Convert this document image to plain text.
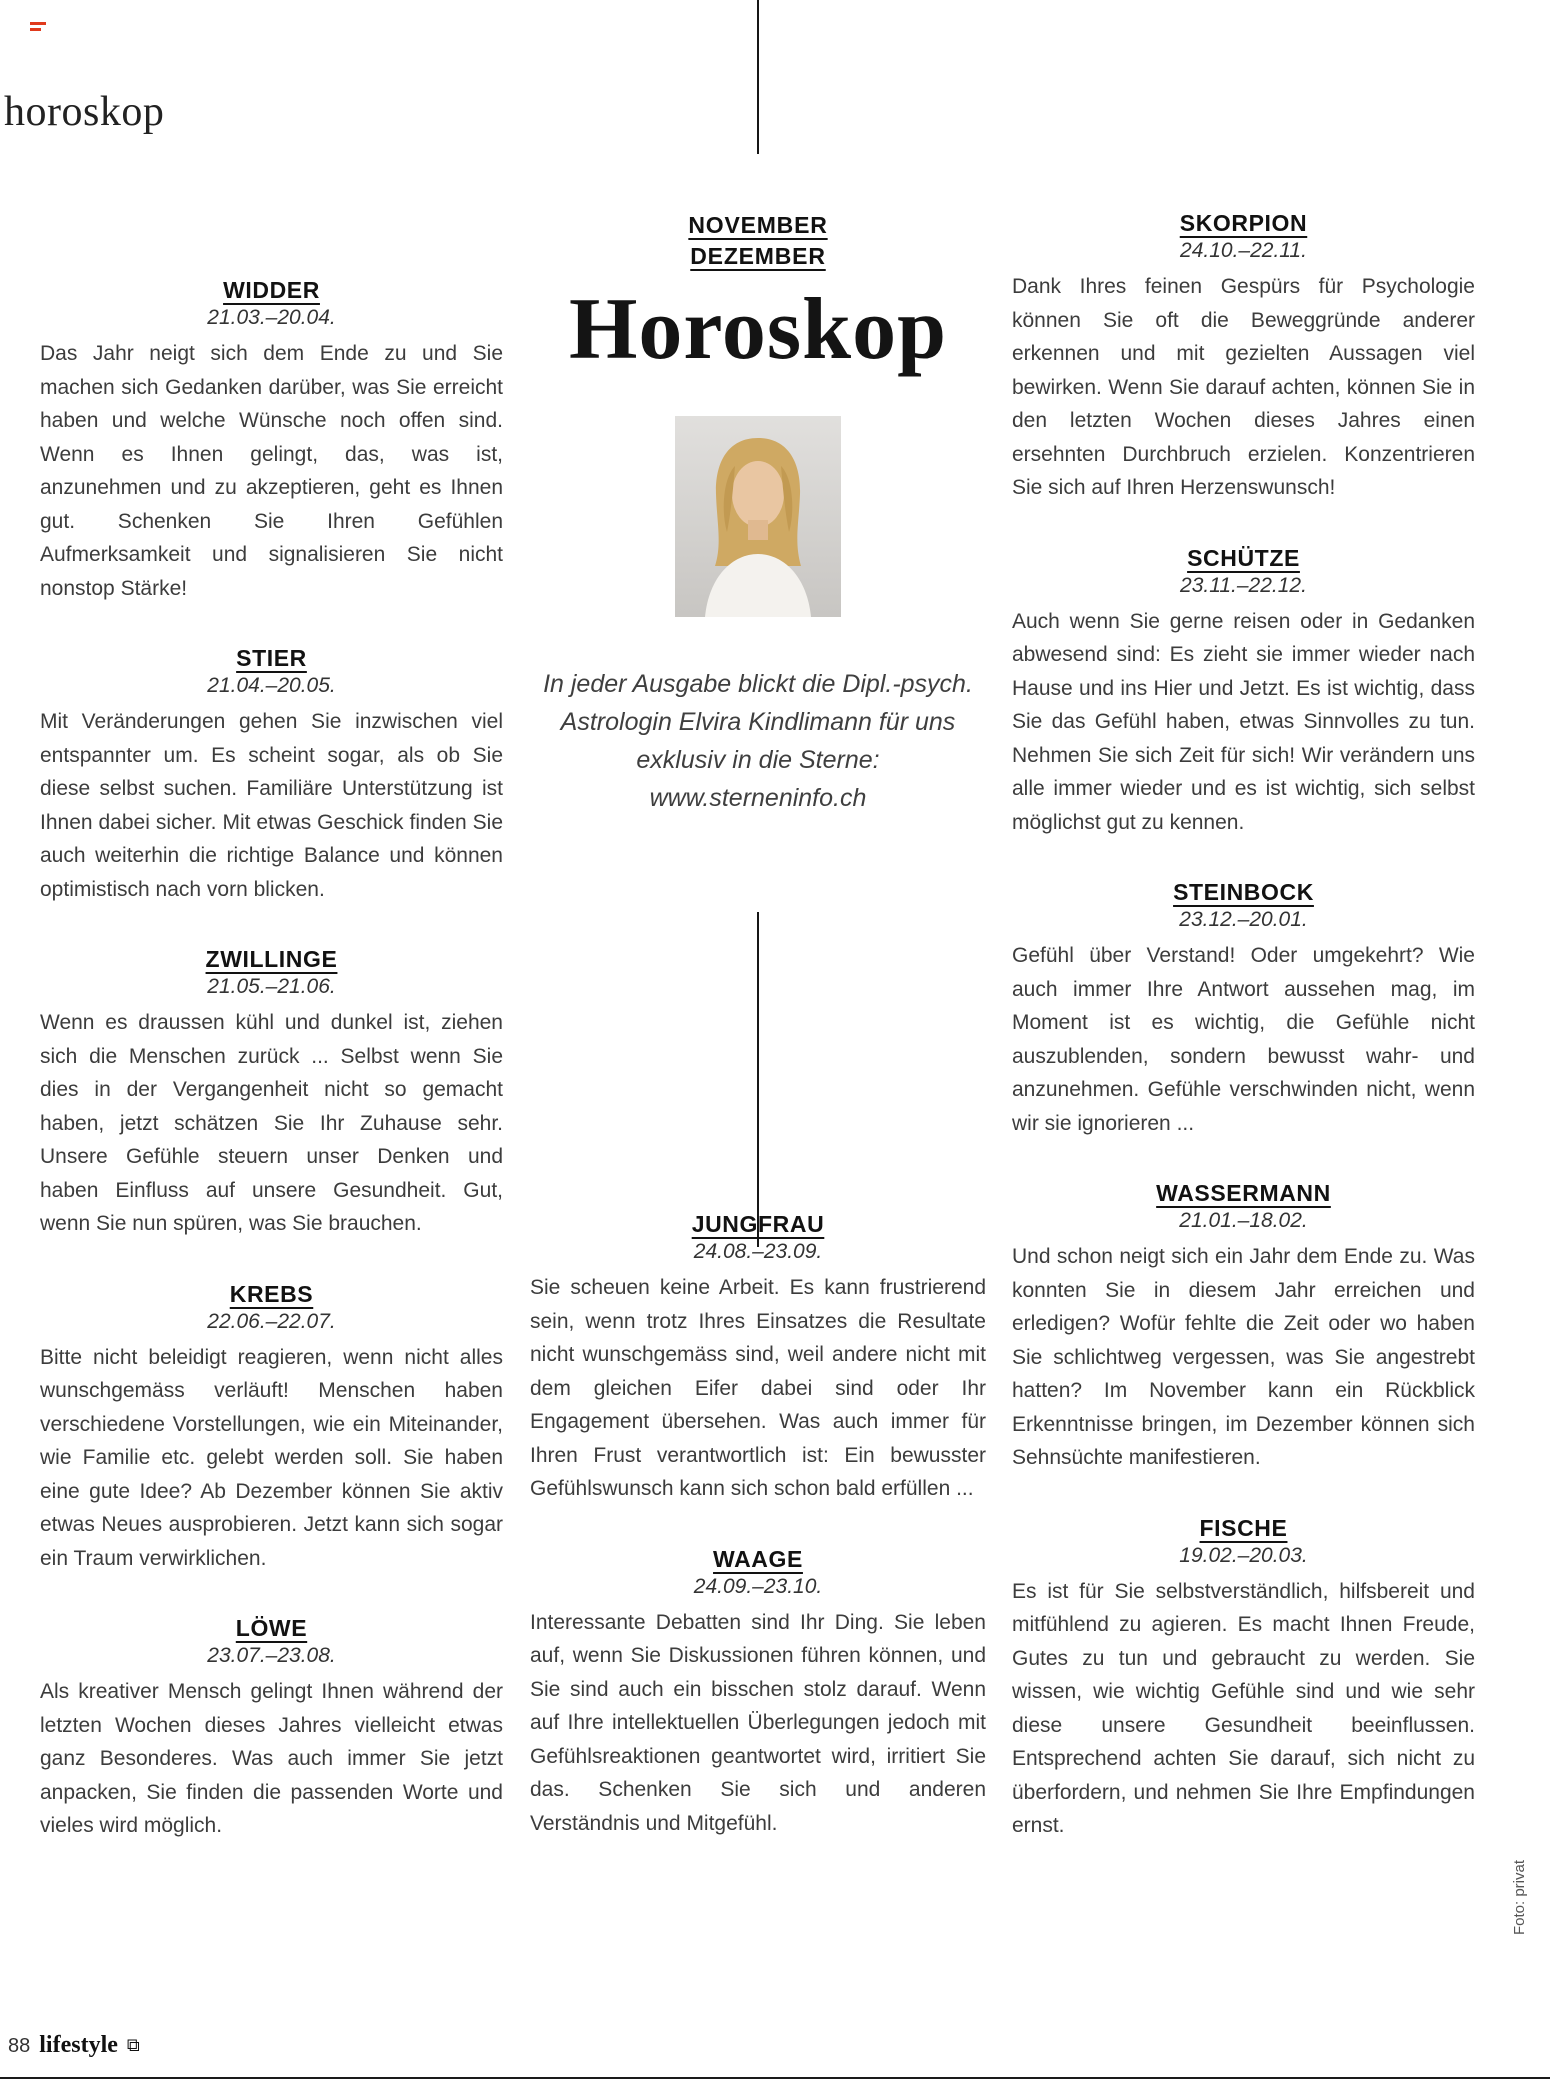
horoskop
WIDDER

21.03.–20.04.

Das Jahr neigt sich dem Ende zu und Sie machen sich Gedanken darüber, was Sie erreicht haben und welche Wünsche noch offen sind. Wenn es Ihnen gelingt, das, was ist, anzunehmen und zu akzeptieren, geht es Ihnen gut. Schenken Sie Ihren Gefühlen Aufmerksamkeit und signalisieren Sie nicht nonstop Stärke!

STIER

21.04.–20.05.

Mit Veränderungen gehen Sie inzwischen viel entspannter um. Es scheint sogar, als ob Sie diese selbst suchen. Familiäre Unterstützung ist Ihnen dabei sicher. Mit etwas Geschick finden Sie auch weiterhin die richtige Balance und können optimistisch nach vorn blicken.

ZWILLINGE

21.05.–21.06.

Wenn es draussen kühl und dunkel ist, ziehen sich die Menschen zurück ... Selbst wenn Sie dies in der Vergangenheit nicht so gemacht haben, jetzt schätzen Sie Ihr Zuhause sehr. Unsere Gefühle steuern unser Denken und haben Einfluss auf unsere Gesundheit. Gut, wenn Sie nun spüren, was Sie brauchen.

KREBS

22.06.–22.07.

Bitte nicht beleidigt reagieren, wenn nicht alles wunschgemäss verläuft! Menschen haben verschiedene Vorstellungen, wie ein Miteinander, wie Familie etc. gelebt werden soll. Sie haben eine gute Idee? Ab Dezember können Sie aktiv etwas Neues ausprobieren. Jetzt kann sich sogar ein Traum verwirklichen.

LÖWE

23.07.–23.08.

Als kreativer Mensch gelingt Ihnen während der letzten Wochen dieses Jahres vielleicht etwas ganz Besonderes. Was auch immer Sie jetzt anpacken, Sie finden die passenden Worte und vieles wird möglich.

NOVEMBER
DEZEMBER
Horoskop

In jeder Ausgabe blickt die Dipl.-psych. Astrologin Elvira Kindlimann für uns exklusiv in die Sterne: www.sterneninfo.ch

JUNGFRAU

24.08.–23.09.

Sie scheuen keine Arbeit. Es kann frustrierend sein, wenn trotz Ihres Einsatzes die Resultate nicht wunschgemäss sind, weil andere nicht mit dem gleichen Eifer dabei sind oder Ihr Engagement übersehen. Was auch immer für Ihren Frust verantwortlich ist: Ein bewusster Gefühlswunsch kann sich schon bald erfüllen ...

WAAGE

24.09.–23.10.

Interessante Debatten sind Ihr Ding. Sie leben auf, wenn Sie Diskussionen führen können, und Sie sind auch ein bisschen stolz darauf. Wenn auf Ihre intellektuellen Überlegungen jedoch mit Gefühlsreaktionen geantwortet wird, irritiert Sie das. Schenken Sie sich und anderen Verständnis und Mitgefühl.

SKORPION

24.10.–22.11.

Dank Ihres feinen Gespürs für Psychologie können Sie oft die Beweggründe anderer erkennen und mit gezielten Aussagen viel bewirken. Wenn Sie darauf achten, können Sie in den letzten Wochen dieses Jahres einen ersehnten Durchbruch erzielen. Konzentrieren Sie sich auf Ihren Herzenswunsch!

SCHÜTZE

23.11.–22.12.

Auch wenn Sie gerne reisen oder in Gedanken abwesend sind: Es zieht sie immer wieder nach Hause und ins Hier und Jetzt. Es ist wichtig, dass Sie das Gefühl haben, etwas Sinnvolles zu tun. Nehmen Sie sich Zeit für sich! Wir verändern uns alle immer wieder und es ist wichtig, sich selbst möglichst gut zu kennen.

STEINBOCK

23.12.–20.01.

Gefühl über Verstand! Oder umgekehrt? Wie auch immer Ihre Antwort aussehen mag, im Moment ist es wichtig, die Gefühle nicht auszublenden, sondern bewusst wahr- und anzunehmen. Gefühle verschwinden nicht, wenn wir sie ignorieren ...

WASSERMANN

21.01.–18.02.

Und schon neigt sich ein Jahr dem Ende zu. Was konnten Sie in diesem Jahr erreichen und erledigen? Wofür fehlte die Zeit oder wo haben Sie schlichtweg vergessen, was Sie angestrebt hatten? Im November kann ein Rückblick Erkenntnisse bringen, im Dezember können sich Sehnsüchte manifestieren.

FISCHE

19.02.–20.03.

Es ist für Sie selbstverständlich, hilfsbereit und mitfühlend zu agieren. Es macht Ihnen Freude, Gutes zu tun und gebraucht zu werden. Sie wissen, wie wichtig Gefühle sind und wie sehr diese unsere Gesundheit beeinflussen. Entsprechend achten Sie darauf, sich nicht zu überfordern, und nehmen Sie Ihre Empfindungen ernst.

Foto: privat
88 lifestyle ⧉
